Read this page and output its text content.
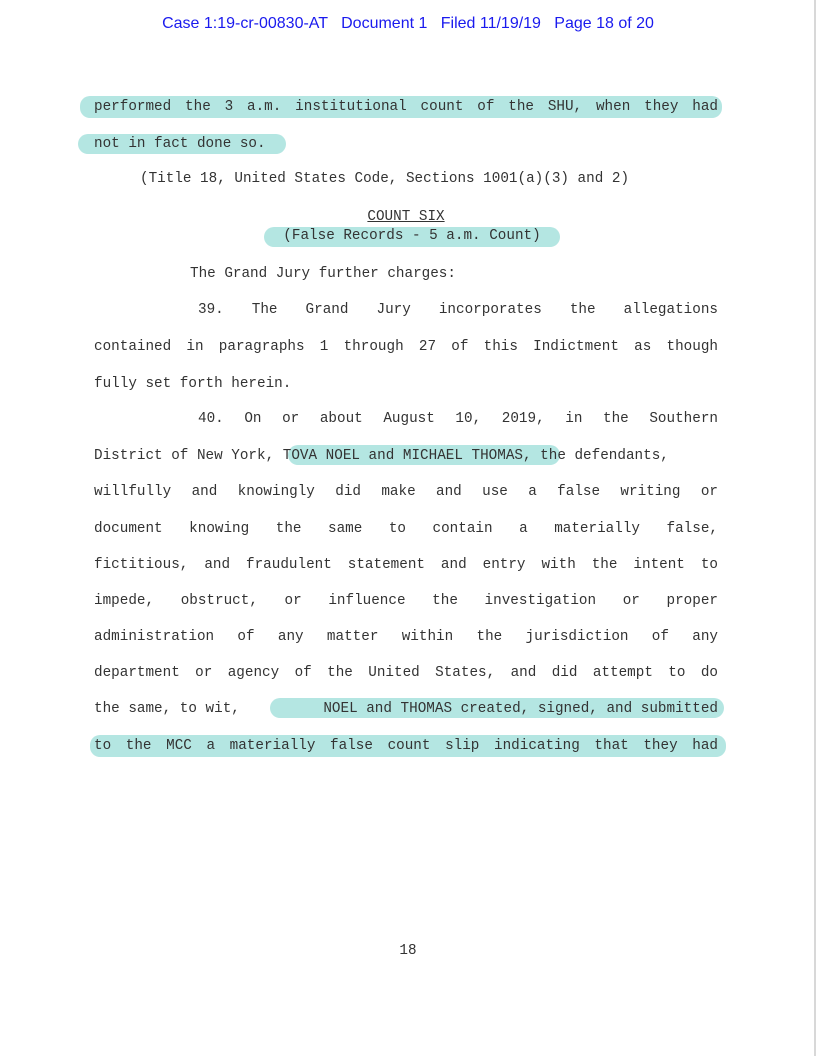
Case 1:19-cr-00830-AT Document 1 Filed 11/19/19 Page 18 of 20
performed the 3 a.m. institutional count of the SHU, when they had
not in fact done so.
(Title 18, United States Code, Sections 1001(a)(3) and 2)
COUNT SIX
(False Records - 5 a.m. Count)
The Grand Jury further charges:
39. The Grand Jury incorporates the allegations
contained in paragraphs 1 through 27 of this Indictment as though
fully set forth herein.
40. On or about August 10, 2019, in the Southern
District of New York, TOVA NOEL and MICHAEL THOMAS, the defendants,
willfully and knowingly did make and use a false writing or
document knowing the same to contain a materially false,
fictitious, and fraudulent statement and entry with the intent to
impede, obstruct, or influence the investigation or proper
administration of any matter within the jurisdiction of any
department or agency of the United States, and did attempt to do
the same, to wit,	NOEL and THOMAS created, signed, and submitted
to the MCC a materially false count slip indicating that they had
18
